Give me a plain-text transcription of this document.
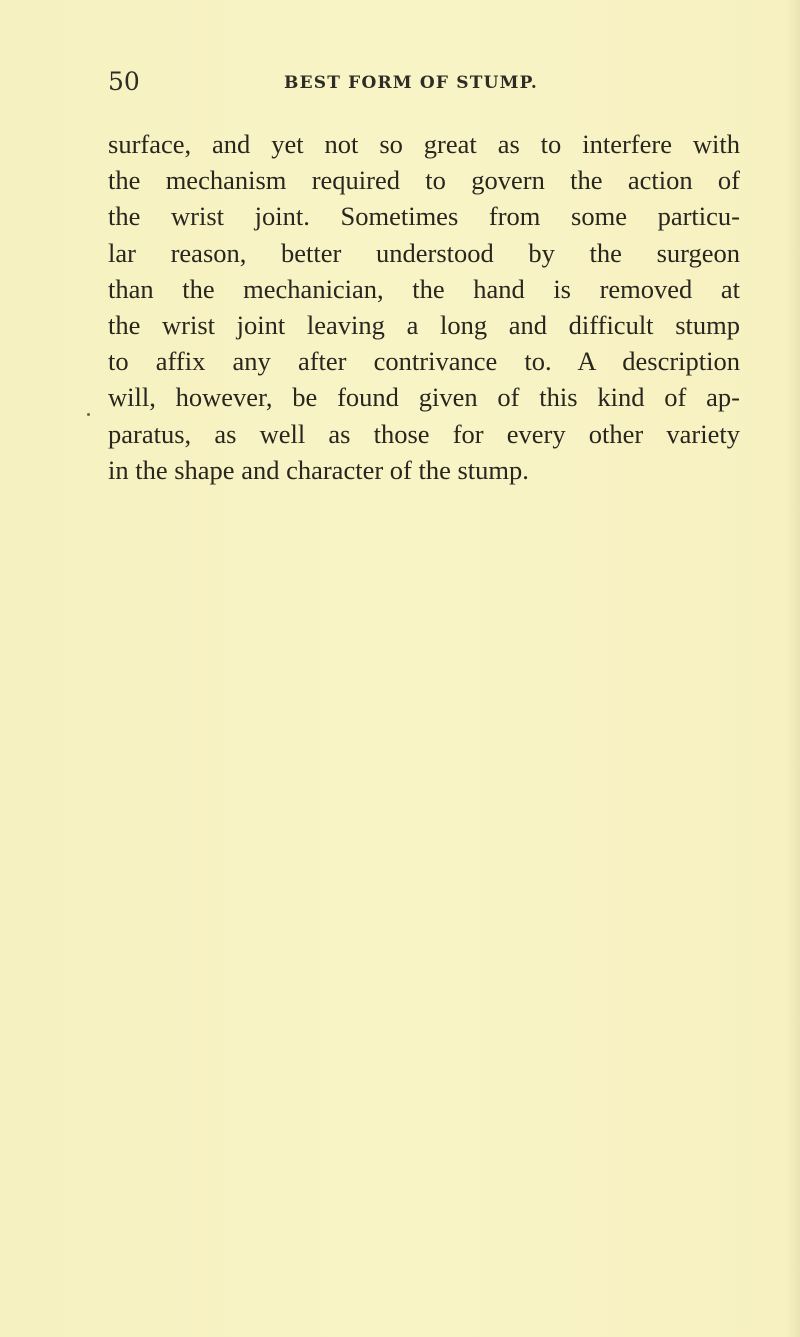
50	BEST FORM OF STUMP.
surface, and yet not so great as to interfere with
the mechanism required to govern the action of
the wrist joint. Sometimes from some particu-
lar reason, better understood by the surgeon
than the mechanician, the hand is removed at
the wrist joint leaving a long and difficult stump
to affix any after contrivance to. A description
will, however, be found given of this kind of ap-
paratus, as well as those for every other variety
in the shape and character of the stump.
